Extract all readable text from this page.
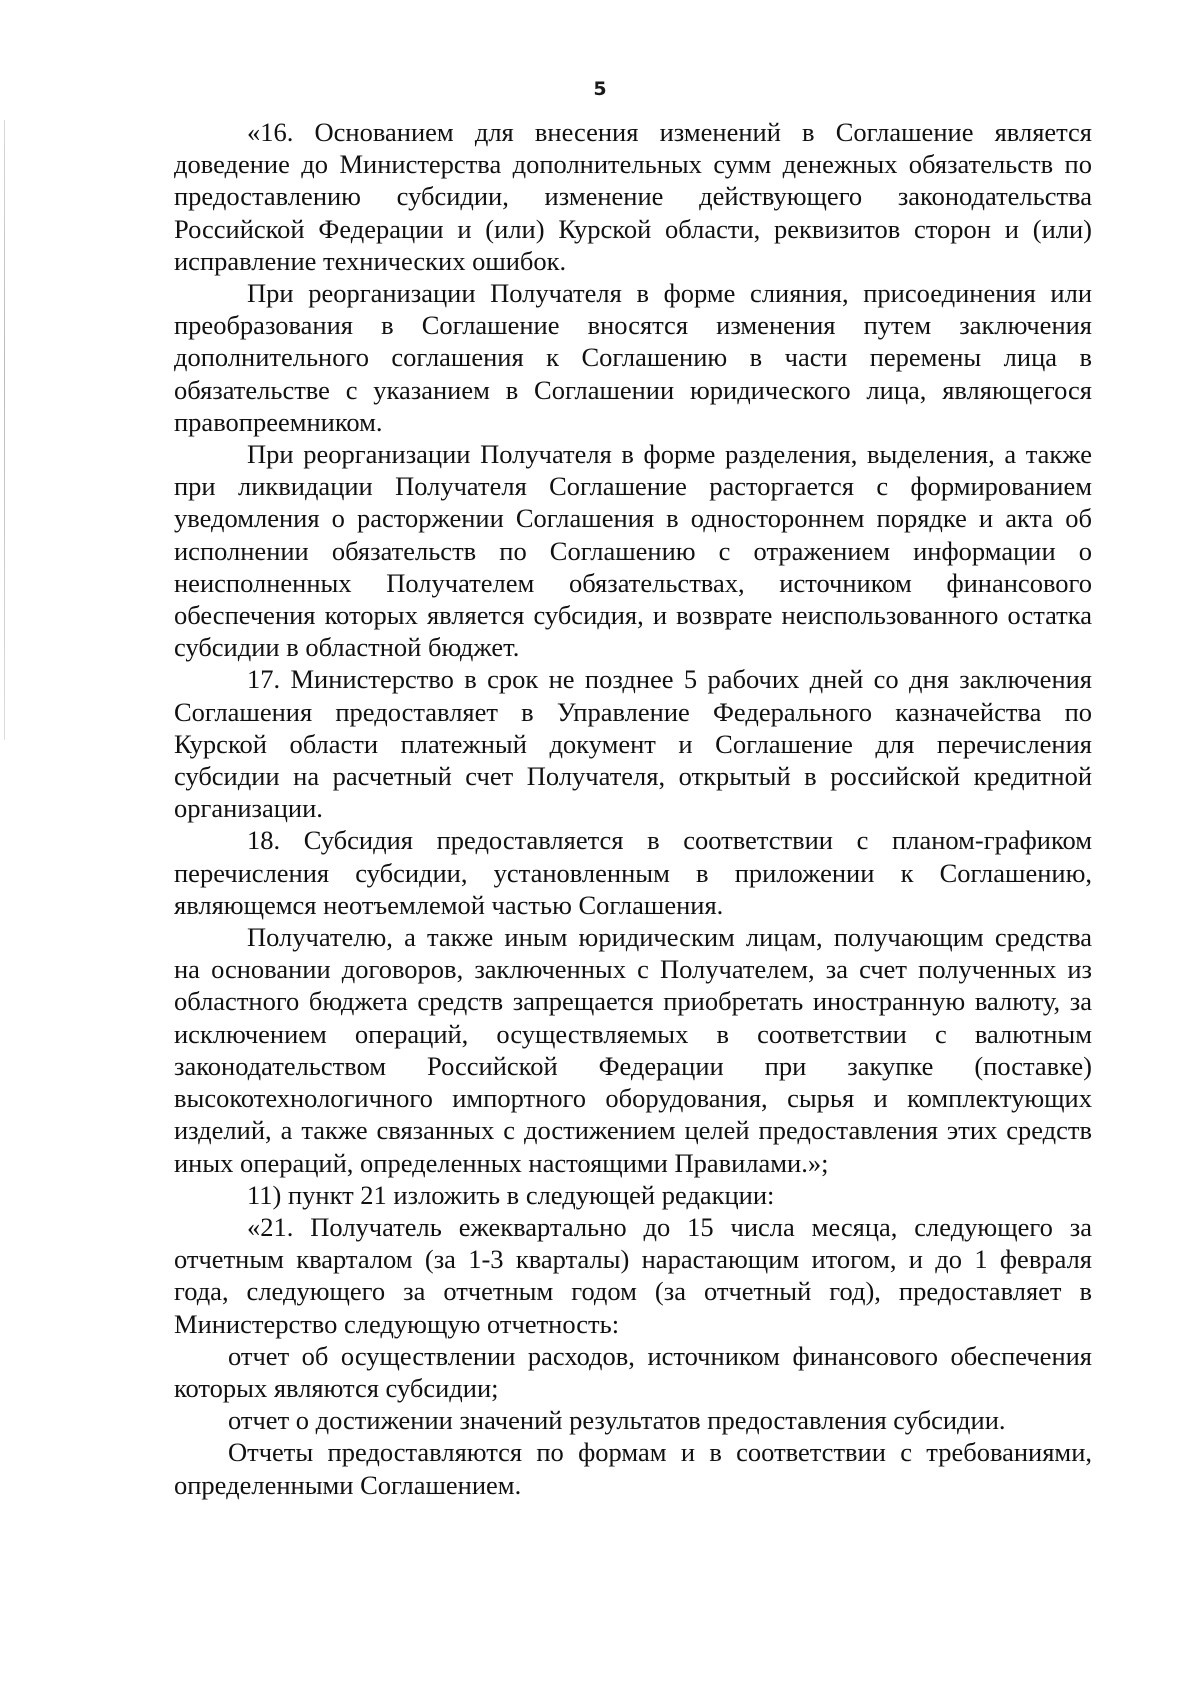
5

«16. Основанием для внесения изменений в Соглашение является доведение до Министерства дополнительных сумм денежных обязательств по предоставлению субсидии, изменение действующего законодательства Российской Федерации и (или) Курской области, реквизитов сторон и (или) исправление технических ошибок.

При реорганизации Получателя в форме слияния, присоединения или преобразования в Соглашение вносятся изменения путем заключения дополнительного соглашения к Соглашению в части перемены лица в обязательстве с указанием в Соглашении юридического лица, являющегося правопреемником.

При реорганизации Получателя в форме разделения, выделения, а также при ликвидации Получателя Соглашение расторгается с формированием уведомления о расторжении Соглашения в одностороннем порядке и акта об исполнении обязательств по Соглашению с отражением информации о неисполненных Получателем обязательствах, источником финансового обеспечения которых является субсидия, и возврате неиспользованного остатка субсидии в областной бюджет.

17. Министерство в срок не позднее 5 рабочих дней со дня заключения Соглашения предоставляет в Управление Федерального казначейства по Курской области платежный документ и Соглашение для перечисления субсидии на расчетный счет Получателя, открытый в российской кредитной организации.

18. Субсидия предоставляется в соответствии с планом-графиком перечисления субсидии, установленным в приложении к Соглашению, являющемся неотъемлемой частью Соглашения.

Получателю, а также иным юридическим лицам, получающим средства на основании договоров, заключенных с Получателем, за счет полученных из областного бюджета средств запрещается приобретать иностранную валюту, за исключением операций, осуществляемых в соответствии с валютным законодательством Российской Федерации при закупке (поставке) высокотехнологичного импортного оборудования, сырья и комплектующих изделий, а также связанных с достижением целей предоставления этих средств иных операций, определенных настоящими Правилами.»;

11) пункт 21 изложить в следующей редакции:

«21. Получатель ежеквартально до 15 числа месяца, следующего за отчетным кварталом (за 1-3 кварталы) нарастающим итогом, и до 1 февраля года, следующего за отчетным годом (за отчетный год), предоставляет в Министерство следующую отчетность:

отчет об осуществлении расходов, источником финансового обеспечения которых являются субсидии;

отчет о достижении значений результатов предоставления субсидии.

Отчеты предоставляются по формам и в соответствии с требованиями, определенными Соглашением.
